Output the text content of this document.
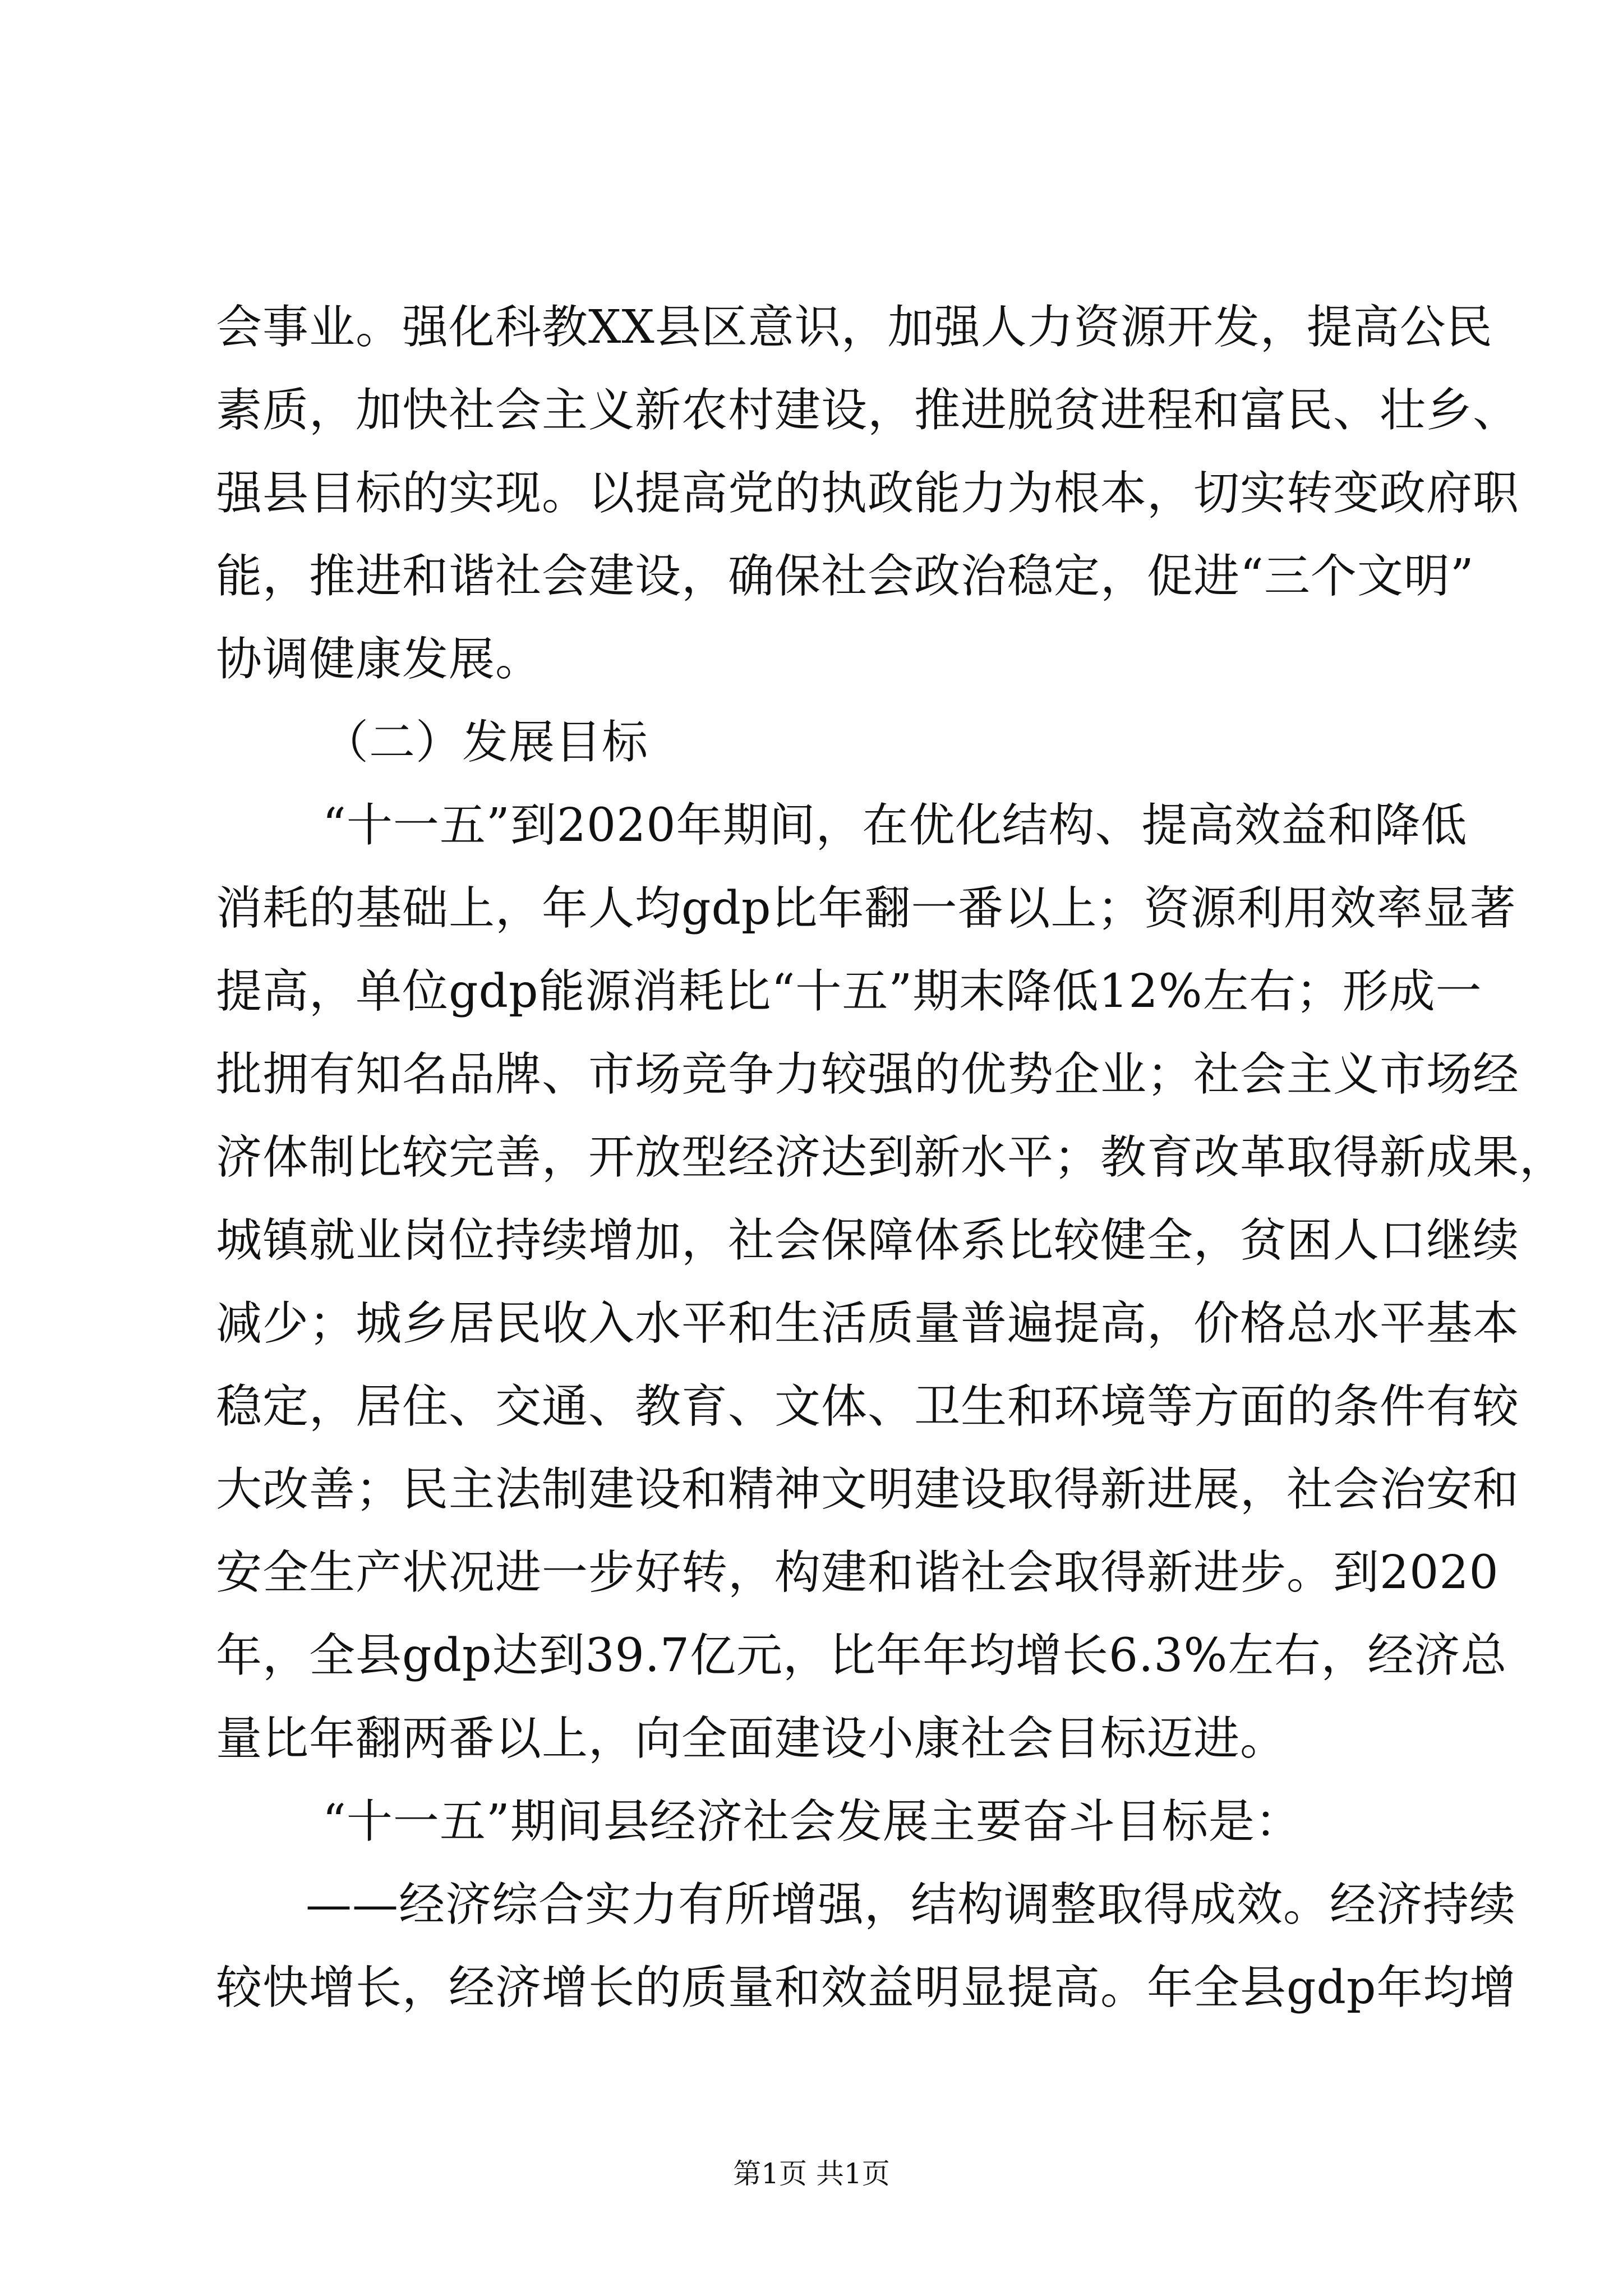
会事业。强化科教XX县区意识，加强人力资源开发，提高公民
素质，加快社会主义新农村建设，推进脱贫进程和富民、壮乡、
强县目标的实现。以提高党的执政能力为根本，切实转变政府职
能，推进和谐社会建设，确保社会政治稳定，促进“三个文明”
协调健康发展。
（二）发展目标
“十一五”到2020年期间，在优化结构、提高效益和降低
消耗的基础上，年人均gdp比年翻一番以上；资源利用效率显著
提高，单位gdp能源消耗比“十五”期末降低12%左右；形成一
批拥有知名品牌、市场竞争力较强的优势企业；社会主义市场经
济体制比较完善，开放型经济达到新水平；教育改革取得新成果，
城镇就业岗位持续增加，社会保障体系比较健全，贫困人口继续
减少；城乡居民收入水平和生活质量普遍提高，价格总水平基本
稳定，居住、交通、教育、文体、卫生和环境等方面的条件有较
大改善；民主法制建设和精神文明建设取得新进展，社会治安和
安全生产状况进一步好转，构建和谐社会取得新进步。到2020
年，全县gdp达到39.7亿元，比年年均增长6.3%左右，经济总
量比年翻两番以上，向全面建设小康社会目标迈进。
“十一五”期间县经济社会发展主要奋斗目标是：
——经济综合实力有所增强，结构调整取得成效。经济持续
较快增长，经济增长的质量和效益明显提高。年全县gdp年均增
第1页 共1页
